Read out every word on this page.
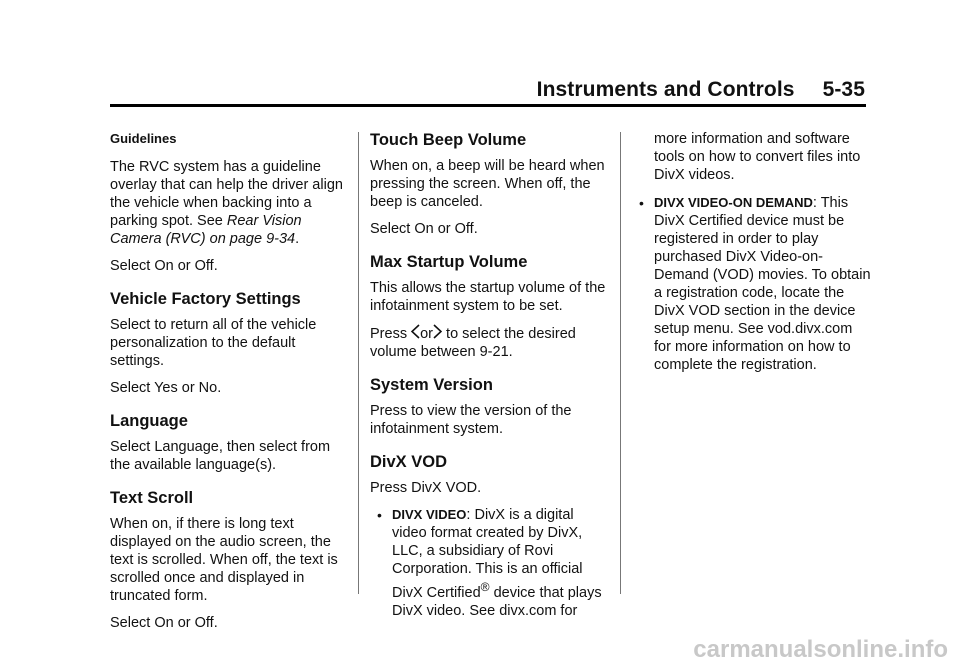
Instruments and Controls 5-35

Guidelines

The RVC system has a guideline overlay that can help the driver align the vehicle when backing into a parking spot. See Rear Vision Camera (RVC) on page 9-34.

Select On or Off.

Vehicle Factory Settings

Select to return all of the vehicle personalization to the default settings.

Select Yes or No.

Language

Select Language, then select from the available language(s).

Text Scroll

When on, if there is long text displayed on the audio screen, the text is scrolled. When off, the text is scrolled once and displayed in truncated form.

Select On or Off.

Touch Beep Volume

When on, a beep will be heard when pressing the screen. When off, the beep is canceled.

Select On or Off.

Max Startup Volume

This allows the startup volume of the infotainment system to be set.

Press or to select the desired volume between 9-21.

System Version

Press to view the version of the infotainment system.

DivX VOD

Press DivX VOD.

• DIVX VIDEO: DivX is a digital video format created by DivX, LLC, a subsidiary of Rovi Corporation. This is an official DivX Certified® device that plays DivX video. See divx.com for
more information and software tools on how to convert files into DivX videos.
• DIVX VIDEO-ON DEMAND: This DivX Certified device must be registered in order to play purchased DivX Video-on-Demand (VOD) movies. To obtain a registration code, locate the DivX VOD section in the device setup menu. See vod.divx.com for more information on how to complete the registration.
carmanualsonline.info
